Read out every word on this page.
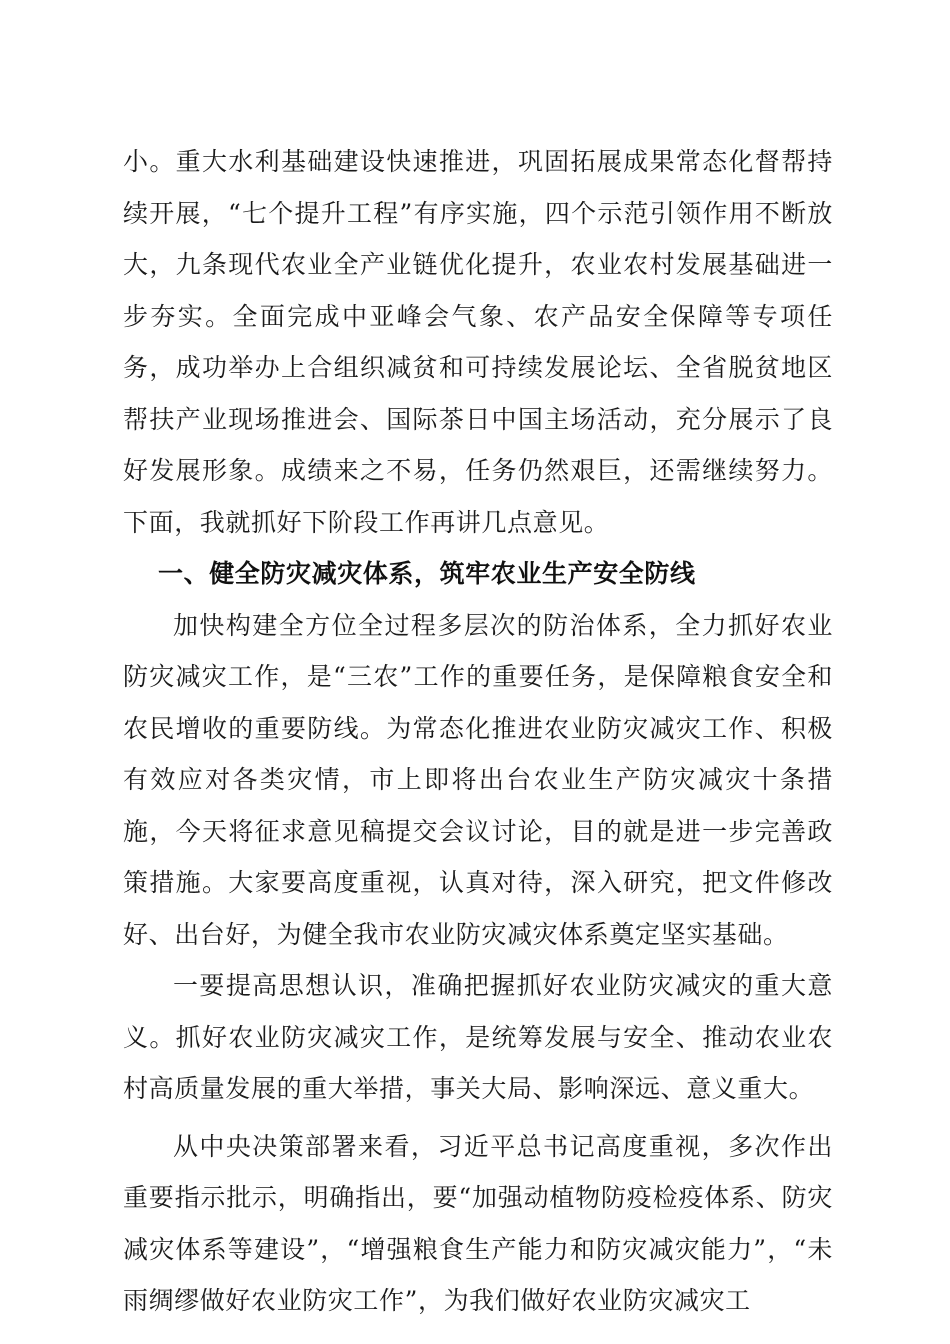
小。重大水利基础建设快速推进，巩固拓展成果常态化督帮持续开展，“七个提升工程”有序实施，四个示范引领作用不断放大，九条现代农业全产业链优化提升，农业农村发展基础进一步夯实。全面完成中亚峰会气象、农产品安全保障等专项任务，成功举办上合组织减贫和可持续发展论坛、全省脱贫地区帮扶产业现场推进会、国际茶日中国主场活动，充分展示了良好发展形象。成绩来之不易，任务仍然艰巨，还需继续努力。下面，我就抓好下阶段工作再讲几点意见。

一、健全防灾减灾体系，筑牢农业生产安全防线

加快构建全方位全过程多层次的防治体系，全力抓好农业防灾减灾工作，是“三农”工作的重要任务，是保障粮食安全和农民增收的重要防线。为常态化推进农业防灾减灾工作、积极有效应对各类灾情，市上即将出台农业生产防灾减灾十条措施，今天将征求意见稿提交会议讨论，目的就是进一步完善政策措施。大家要高度重视，认真对待，深入研究，把文件修改好、出台好，为健全我市农业防灾减灾体系奠定坚实基础。

一要提高思想认识，准确把握抓好农业防灾减灾的重大意义。抓好农业防灾减灾工作，是统筹发展与安全、推动农业农村高质量发展的重大举措，事关大局、影响深远、意义重大。

从中央决策部署来看，习近平总书记高度重视，多次作出重要指示批示，明确指出，要“加强动植物防疫检疫体系、防灾减灾体系等建设”，“增强粮食生产能力和防灾减灾能力”，“未雨绸缪做好农业防灾工作”，为我们做好农业防灾减灾工
